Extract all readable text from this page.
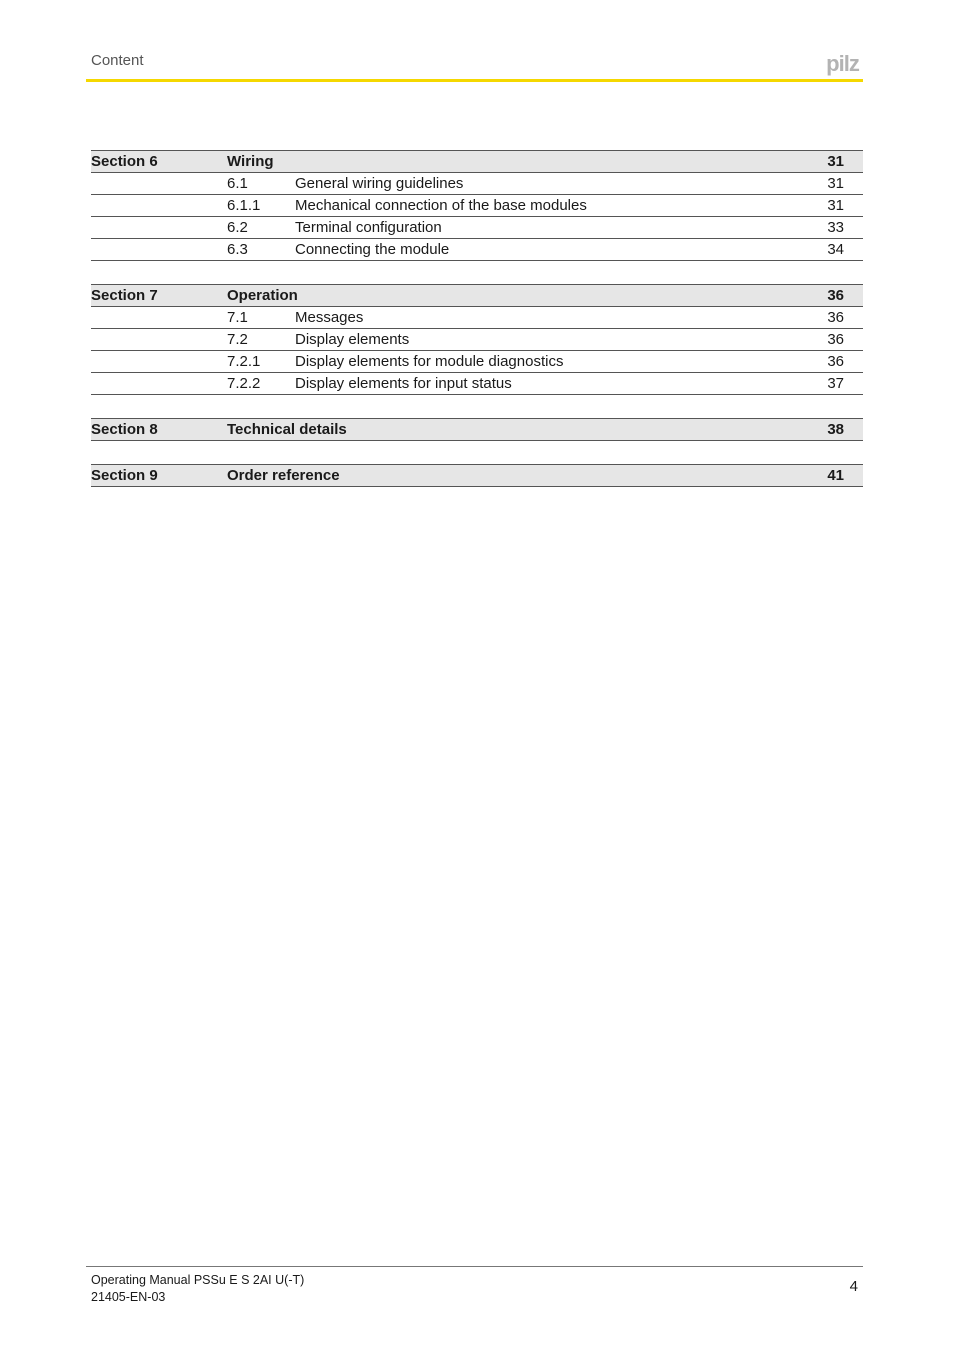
Content	pilz
Section 6	Wiring	31
6.1	General wiring guidelines	31
6.1.1 Mechanical connection of the base modules	31
6.2	Terminal configuration	33
6.3	Connecting the module	34
Section 7	Operation	36
7.1	Messages	36
7.2	Display elements	36
7.2.1 Display elements for module diagnostics	36
7.2.2 Display elements for input status	37
Section 8	Technical details	38
Section 9	Order reference	41
Operating Manual PSSu E S 2AI U(-T)
21405-EN-03
4
